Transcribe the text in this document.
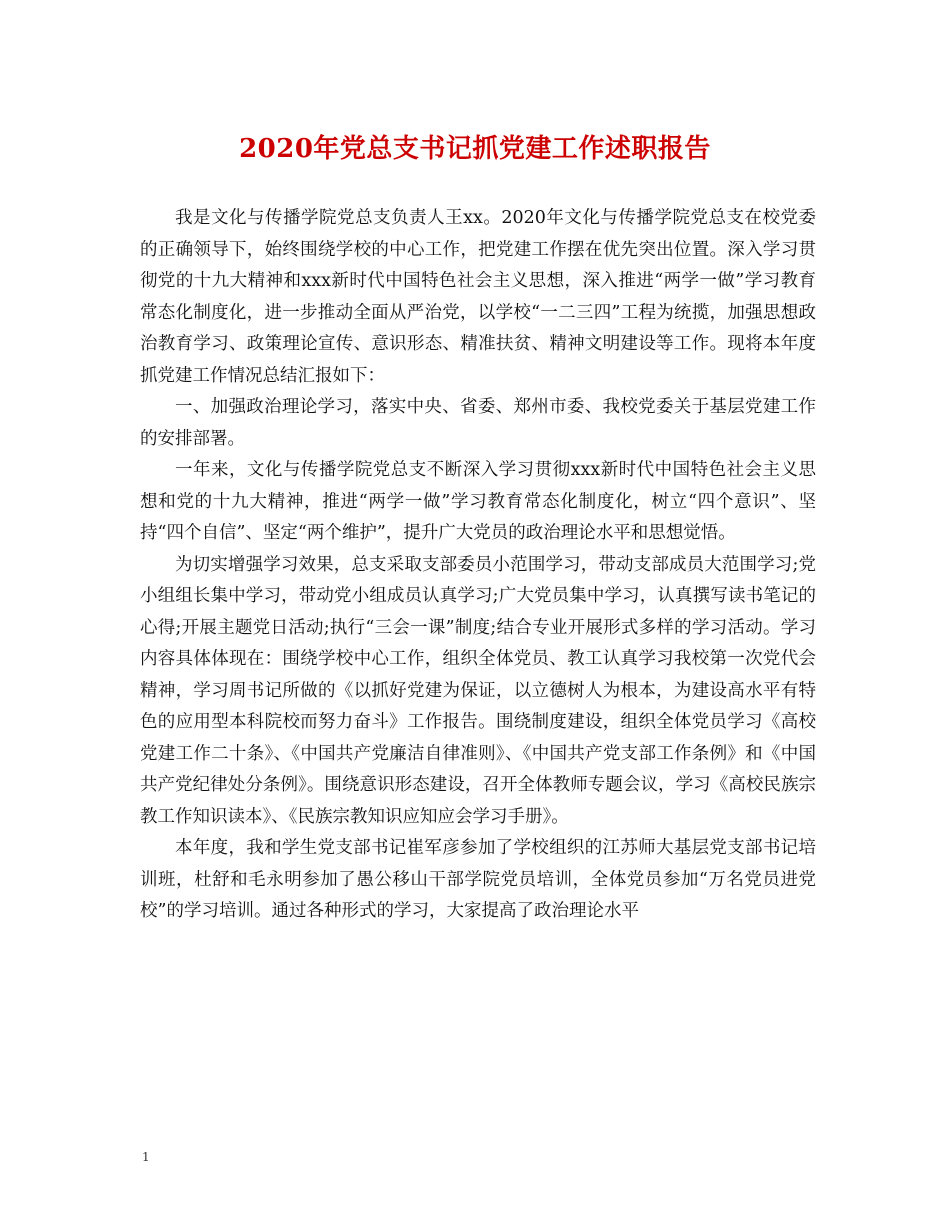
2020年党总支书记抓党建工作述职报告

我是文化与传播学院党总支负责人王xx。2020年文化与传播学院党总支在校党委的正确领导下，始终围绕学校的中心工作，把党建工作摆在优先突出位置。深入学习贯彻党的十九大精神和xxx新时代中国特色社会主义思想，深入推进“两学一做”学习教育常态化制度化，进一步推动全面从严治党，以学校“一二三四”工程为统揽，加强思想政治教育学习、政策理论宣传、意识形态、精准扶贫、精神文明建设等工作。现将本年度抓党建工作情况总结汇报如下：

一、加强政治理论学习，落实中央、省委、郑州市委、我校党委关于基层党建工作的安排部署。

一年来，文化与传播学院党总支不断深入学习贯彻xxx新时代中国特色社会主义思想和党的十九大精神，推进“两学一做”学习教育常态化制度化，树立“四个意识”、坚持“四个自信”、坚定“两个维护”，提升广大党员的政治理论水平和思想觉悟。

为切实增强学习效果，总支采取支部委员小范围学习，带动支部成员大范围学习;党小组组长集中学习，带动党小组成员认真学习;广大党员集中学习，认真撰写读书笔记的心得;开展主题党日活动;执行“三会一课”制度;结合专业开展形式多样的学习活动。学习内容具体体现在：围绕学校中心工作，组织全体党员、教工认真学习我校第一次党代会精神，学习周书记所做的《以抓好党建为保证，以立德树人为根本，为建设高水平有特色的应用型本科院校而努力奋斗》工作报告。围绕制度建设，组织全体党员学习《高校党建工作二十条》、《中国共产党廉洁自律准则》、《中国共产党支部工作条例》和《中国共产党纪律处分条例》。围绕意识形态建设，召开全体教师专题会议，学习《高校民族宗教工作知识读本》、《民族宗教知识应知应会学习手册》。

本年度，我和学生党支部书记崔军彦参加了学校组织的江苏师大基层党支部书记培训班，杜舒和毛永明参加了愚公移山干部学院党员培训，全体党员参加“万名党员进党校”的学习培训。通过各种形式的学习，大家提高了政治理论水平

1
